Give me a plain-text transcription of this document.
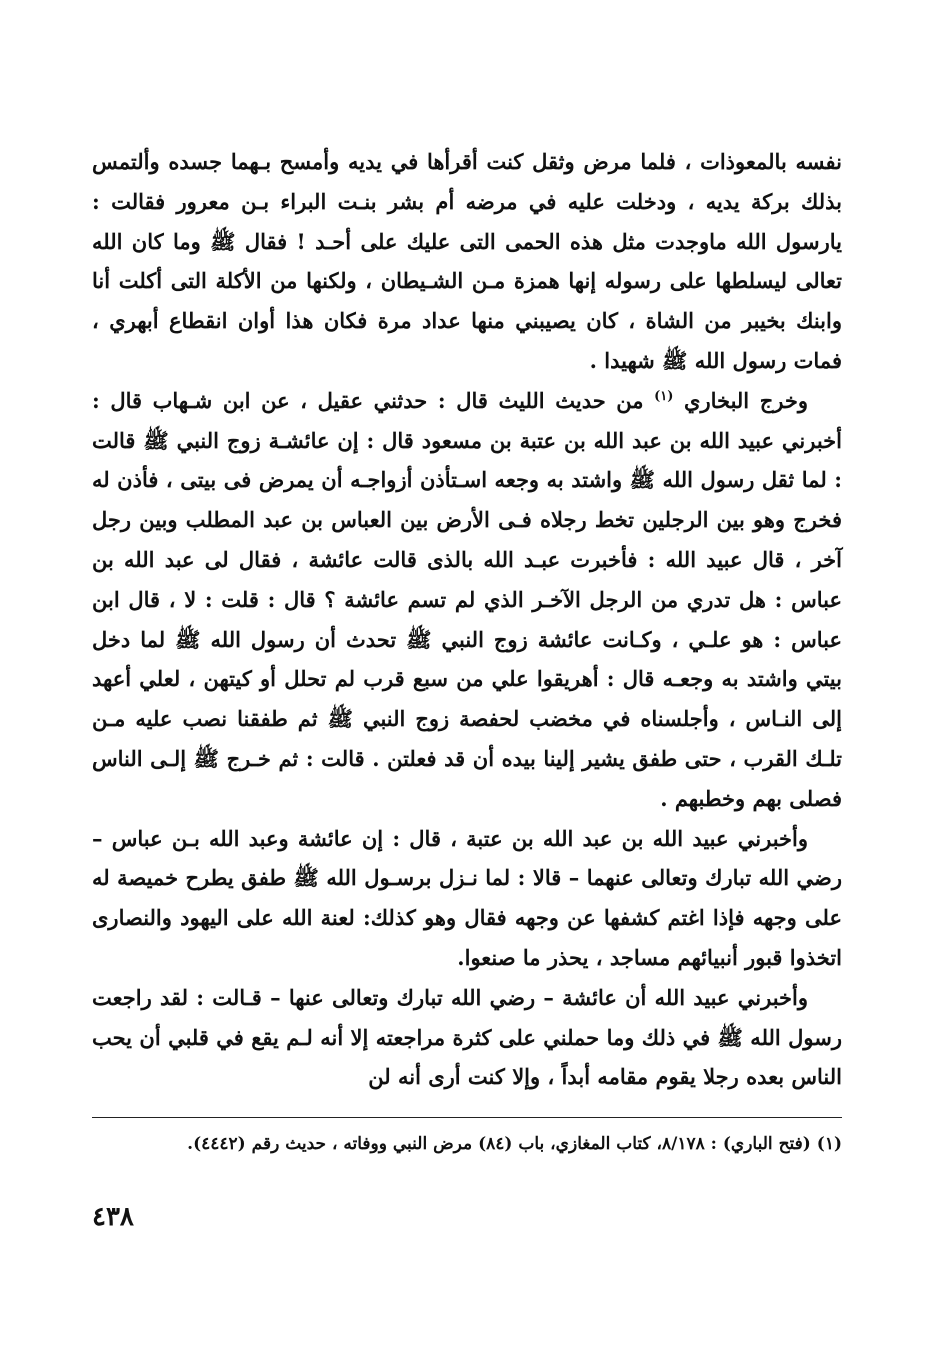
نفسه بالمعوذات ، فلما مرض وثقل كنت أقرأها في يديه وأمسح بـهما جسده وألتمس بذلك بركة يديه ، ودخلت عليه في مرضه أم بشر بنـت البراء بـن معرور فقالت : يارسول الله ماوجدت مثل هذه الحمى التى عليك على أحـد ! فقال ﷺ وما كان الله تعالى ليسلطها على رسوله إنها همزة مـن الشـيطان ، ولكنها من الأكلة التى أكلت أنا وابنك بخيبر من الشاة ، كان يصيبني منها عداد مرة فكان هذا أوان انقطاع أبهري ، فمات رسول الله ﷺ شهيدا .

وخرج البخاري $^{(١)}$ من حديث الليث قال : حدثني عقيل ، عن ابن شـهاب قال : أخبرني عبيد الله بن عبد الله بن عتبة بن مسعود قال : إن عائشـة زوج النبي ﷺ قالت : لما ثقل رسول الله ﷺ واشتد به وجعه اسـتأذن أزواجـه أن يمرض فى بيتى ، فأذن له فخرج وهو بين الرجلين تخط رجلاه فـى الأرض بين العباس بن عبد المطلب وبين رجل آخر ، قال عبيد الله : فأخبرت عبـد الله بالذى قالت عائشة ، فقال لى عبد الله بن عباس : هل تدري من الرجل الآخـر الذي لم تسم عائشة ؟ قال : قلت : لا ، قال ابن عباس : هو علـي ، وكـانت عائشة زوج النبي ﷺ تحدث أن رسول الله ﷺ لما دخل بيتي واشتد به وجعـه قال : أهريقوا علي من سبع قرب لم تحلل أو كيتهن ، لعلي أعهد إلى النـاس ، وأجلسناه في مخضب لحفصة زوج النبي ﷺ ثم طفقنا نصب عليه مـن تلـك القرب ، حتى طفق يشير إلينا بيده أن قد فعلتن . قالت : ثم خـرج ﷺ إلـى الناس فصلى بهم وخطبهم .

وأخبرني عبيد الله بن عبد الله بن عتبة ، قال : إن عائشة وعبد الله بـن عباس – رضي الله تبارك وتعالى عنهما – قالا : لما نـزل برسـول الله ﷺ طفق يطرح خميصة له على وجهه فإذا اغتم كشفها عن وجهه فقال وهو كذلك: لعنة الله على اليهود والنصارى اتخذوا قبور أنبيائهم مساجد ، يحذر ما صنعوا.

وأخبرني عبيد الله أن عائشة – رضي الله تبارك وتعالى عنها – قـالت : لقد راجعت رسول الله ﷺ في ذلك وما حملني على كثرة مراجعته إلا أنه لـم يقع في قلبي أن يحب الناس بعده رجلا يقوم مقامه أبداً ، وإلا كنت أرى أنه لن

(١) (فتح الباري) : ٨/١٧٨، كتاب المغازي، باب (٨٤) مرض النبي ووفاته ، حديث رقم (٤٤٤٢).
٤٣٨
